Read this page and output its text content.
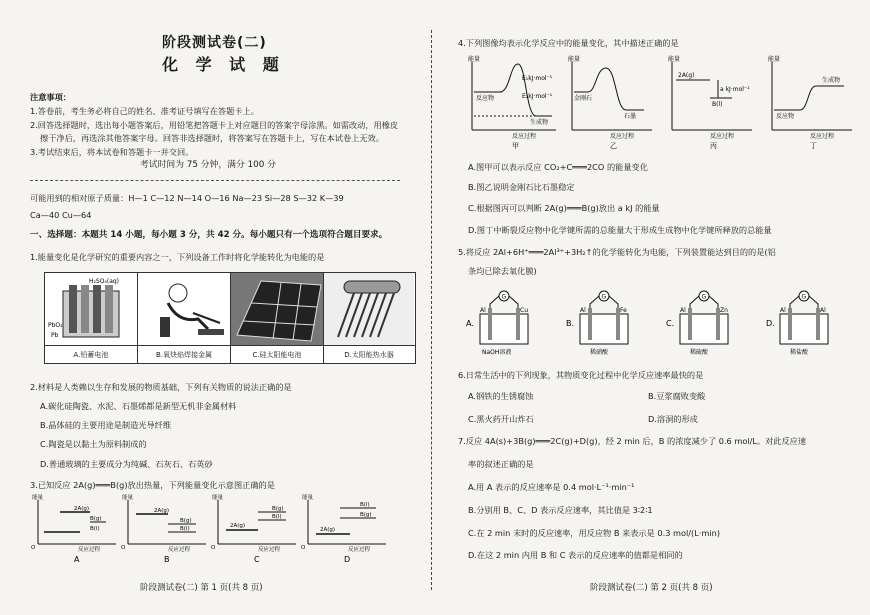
阶段测试卷(二)
化 学 试 题
注意事项：
1.答卷前，考生务必将自己的姓名、准考证号填写在答题卡上。
2.回答选择题时，选出每小题答案后，用铅笔把答题卡上对应题目的答案字母涂黑。如需改动，用橡皮
擦干净后，再选涂其他答案字母。回答非选择题时，将答案写在答题卡上，写在本试卷上无效。
3.考试结束后，将本试卷和答题卡一并交回。
考试时间为 75 分钟，满分 100 分
可能用到的相对原子质量：H—1 C—12 N—14 O—16 Na—23 Si—28 S—32 K—39
Ca—40 Cu—64
一、选择题：本题共 14 小题，每小题 3 分，共 42 分。每小题只有一个选项符合题目要求。
1.能量变化是化学研究的重要内容之一，下列设备工作时将化学能转化为电能的是
H₂SO₄(aq)
PbO₂
Pb
A.铅蓄电池	B.氧炔焰焊接金属	C.硅太阳能电池	D.太阳能热水器
2.材料是人类赖以生存和发展的物质基础，下列有关物质的说法正确的是
A.碳化硅陶瓷、水泥、石墨烯都是新型无机非金属材料
B.晶体硅的主要用途是制造光导纤维
C.陶瓷是以黏土为原料制成的
D.普通玻璃的主要成分为纯碱、石灰石、石英砂
3.已知反应 2A(g)═══B(g)放出热量，下列能量变化示意图正确的是
能量
O
2A(g)
B(l)
B(g)
反应过程
能量
O
2A(g)
B(g)
B(l)
反应过程
能量
O
2A(g)
B(g)
B(l)
反应过程
能量
O
2A(g)
B(l)
B(g)
反应过程
A	B	C	D
阶段测试卷(二) 第 1 页(共 8 页)
4.下列图像均表示化学反应中的能量变化，其中描述正确的是
能量
反应物
生成物
E₁kJ·mol⁻¹
E₂kJ·mol⁻¹
反应过程
能量
金刚石
石墨
反应过程
能量
2A(g)
B(l)
a kJ·mol⁻¹
反应过程
能量
反应物
生成物
反应过程
甲	乙	丙	丁
A.图甲可以表示反应 CO₂+C═══2CO 的能量变化
B.图乙说明金刚石比石墨稳定
C.根据图丙可以判断 2A(g)═══B(g)放出 a kJ 的能量
D.图丁中断裂反应物中化学键所需的总能量大于形成生成物中化学键所释放的总能量
5.将反应 2Al+6H⁺═══2Al³⁺+3H₂↑的化学能转化为电能，下列装置能达到目的的是(铝
条均已除去氧化膜)
A.
G
Al	Cu
NaOH溶液
B.
G
Al	Fe
稀硝酸
C.
G
Al	Zn
稀硫酸
D.
G
Al	Al
稀盐酸
6.日常生活中的下列现象，其物质变化过程中化学反应速率最快的是
A.钢铁的生锈腐蚀	B.豆浆腐败变酸
C.黑火药开山炸石	D.溶洞的形成
7.反应 4A(s)+3B(g)═══2C(g)+D(g)，经 2 min 后，B 的浓度减少了 0.6 mol/L。对此反应速
率的叙述正确的是
A.用 A 表示的反应速率是 0.4 mol·L⁻¹·min⁻¹
B.分别用 B、C、D 表示反应速率，其比值是 3∶2∶1
C.在 2 min 末时的反应速率，用反应物 B 来表示是 0.3 mol/(L·min)
D.在这 2 min 内用 B 和 C 表示的反应速率的值都是相同的
阶段测试卷(二) 第 2 页(共 8 页)
